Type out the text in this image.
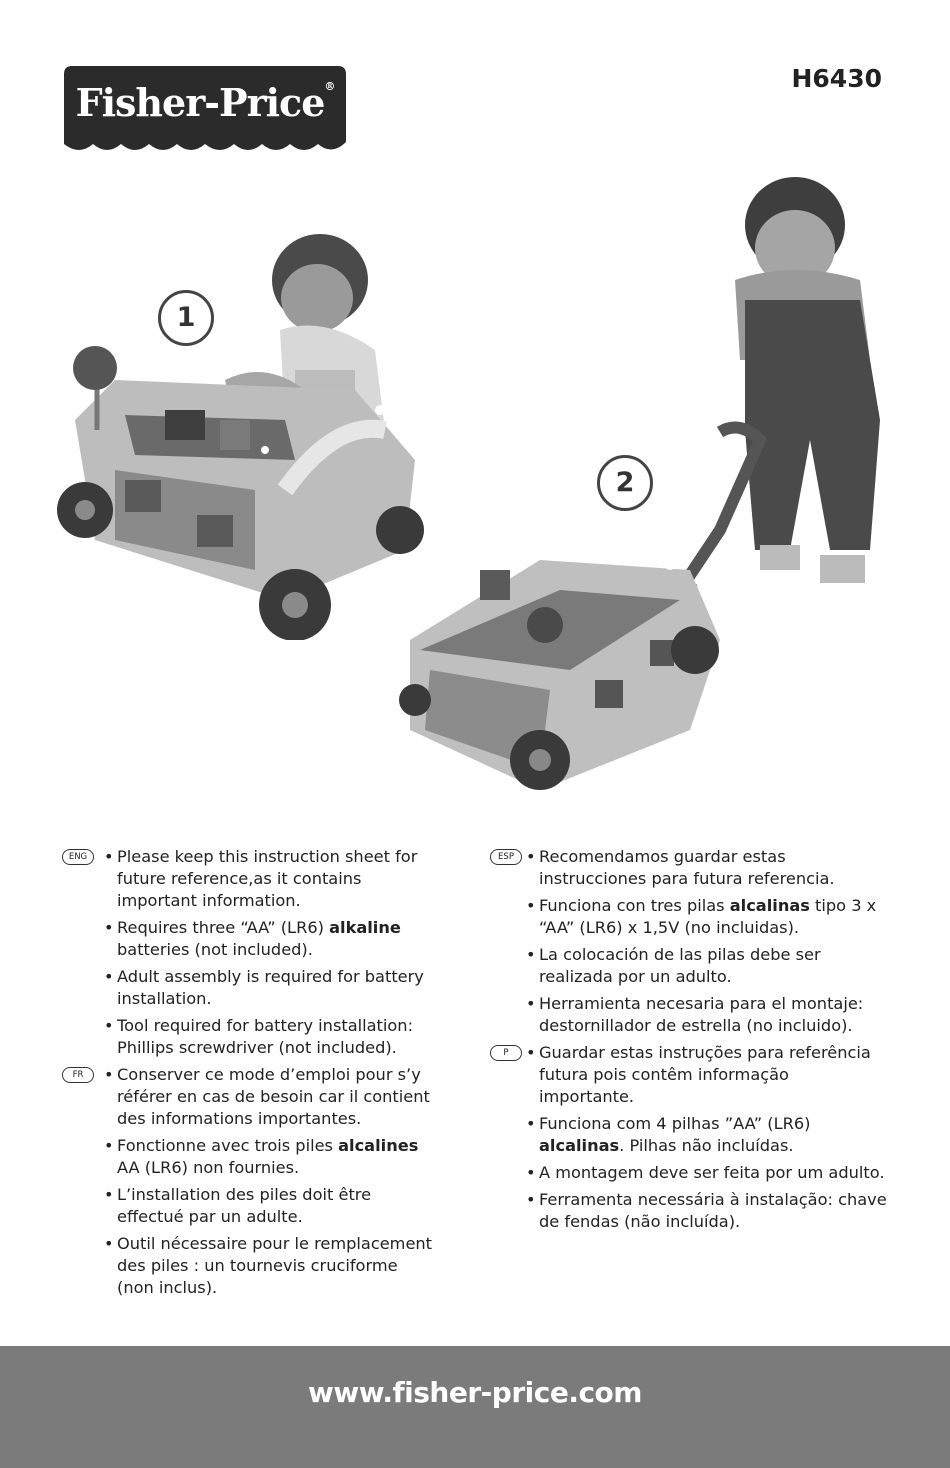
Fisher-Price®	H6430
1
2
ENG	• Please keep this instruction sheet for future reference,as it contains important information.
• Requires three “AA” (LR6) alkaline batteries (not included).
• Adult assembly is required for battery installation.
• Tool required for battery installation: Phillips screwdriver (not included).
FR	• Conserver ce mode d’emploi pour s’y référer en cas de besoin car il contient des informations importantes.
• Fonctionne avec trois piles alcalines AA (LR6) non fournies.
• L’installation des piles doit être effectué par un adulte.
• Outil nécessaire pour le remplacement des piles : un tournevis cruciforme (non inclus).
ESP	• Recomendamos guardar estas instrucciones para futura referencia.
• Funciona con tres pilas alcalinas tipo 3 x “AA” (LR6) x 1,5V (no incluidas).
• La colocación de las pilas debe ser realizada por un adulto.
• Herramienta necesaria para el montaje: destornillador de estrella (no incluido).
P	• Guardar estas instruções para referência futura pois contêm informação importante.
• Funciona com 4 pilhas ”AA” (LR6) alcalinas. Pilhas não incluídas.
• A montagem deve ser feita por um adulto.
• Ferramenta necessária à instalação: chave de fendas (não incluída).
www.fisher-price.com
